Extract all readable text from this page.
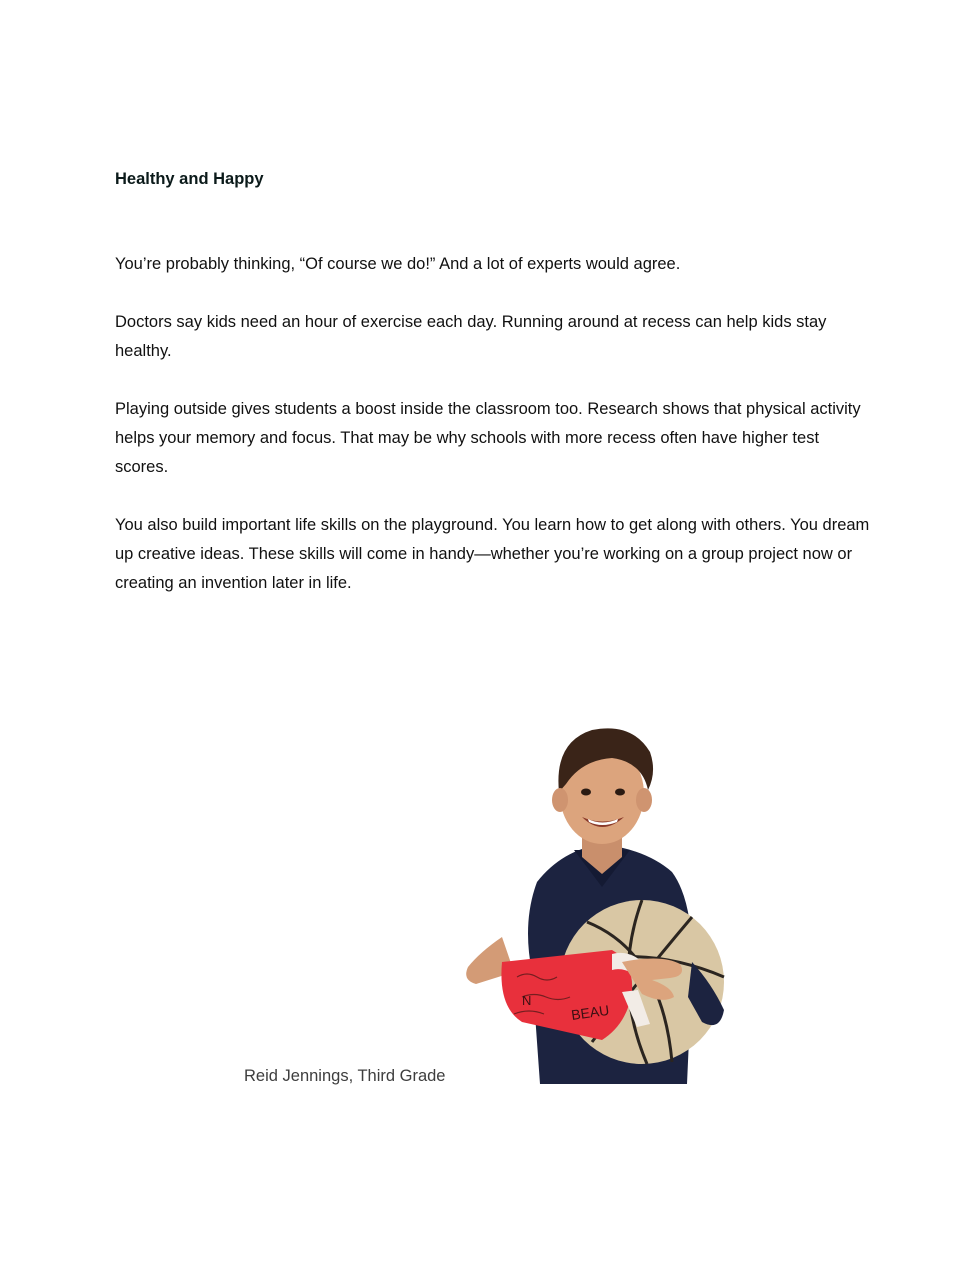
Healthy and Happy

You’re probably thinking, “Of course we do!” And a lot of experts would agree.

Doctors say kids need an hour of exercise each day. Running around at recess can help kids stay healthy.

Playing outside gives students a boost inside the classroom too. Research shows that physical activity helps your memory and focus. That may be why schools with more recess often have higher test scores.

You also build important life skills on the playground. You learn how to get along with others. You dream up creative ideas. These skills will come in handy—whether you’re working on a group project now or creating an invention later in life.

Reid Jennings, Third Grade
N
BEAU
